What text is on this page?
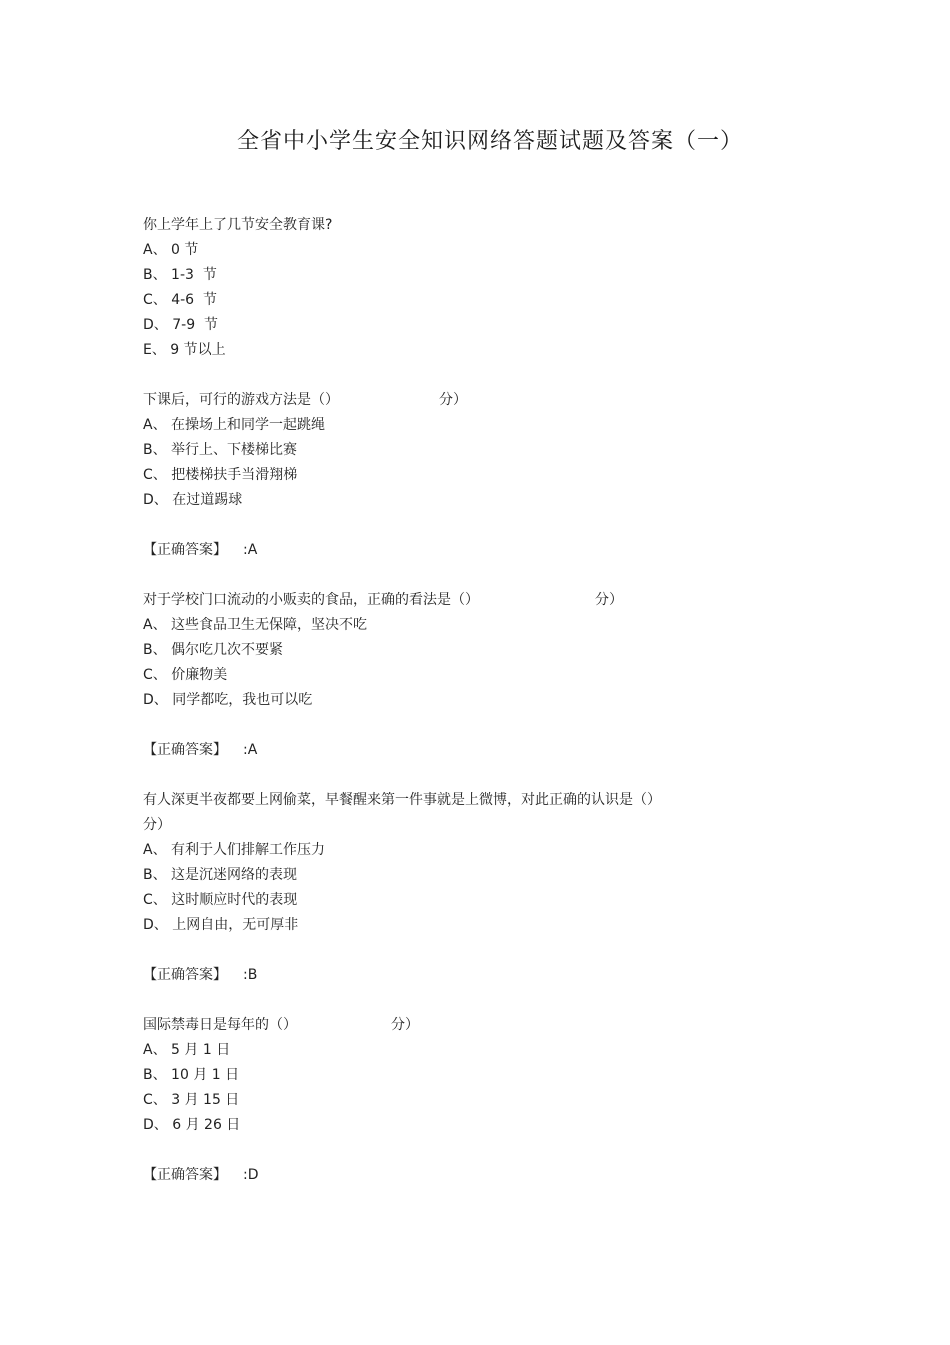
全省中小学生安全知识网络答题试题及答案（一）
你上学年上了几节安全教育课?
A、 0 节
B、 1-3  节
C、 4-6  节
D、 7-9  节
E、 9 节以上
下课后，可行的游戏方法是（）	分）
A、 在操场上和同学一起跳绳
B、 举行上、下楼梯比赛
C、 把楼梯扶手当滑翔梯
D、 在过道踢球
【正确答案】 :A
对于学校门口流动的小贩卖的食品，正确的看法是（）	分）
A、 这些食品卫生无保障，坚决不吃
B、 偶尔吃几次不要紧
C、 价廉物美
D、 同学都吃，我也可以吃
【正确答案】 :A
有人深更半夜都要上网偷菜，早餐醒来第一件事就是上微博，对此正确的认识是（）
分）
A、 有利于人们排解工作压力
B、 这是沉迷网络的表现
C、 这时顺应时代的表现
D、 上网自由，无可厚非
【正确答案】 :B
国际禁毒日是每年的（）	分）
A、 5 月 1 日
B、 10 月 1 日
C、 3 月 15 日
D、 6 月 26 日
【正确答案】 :D
